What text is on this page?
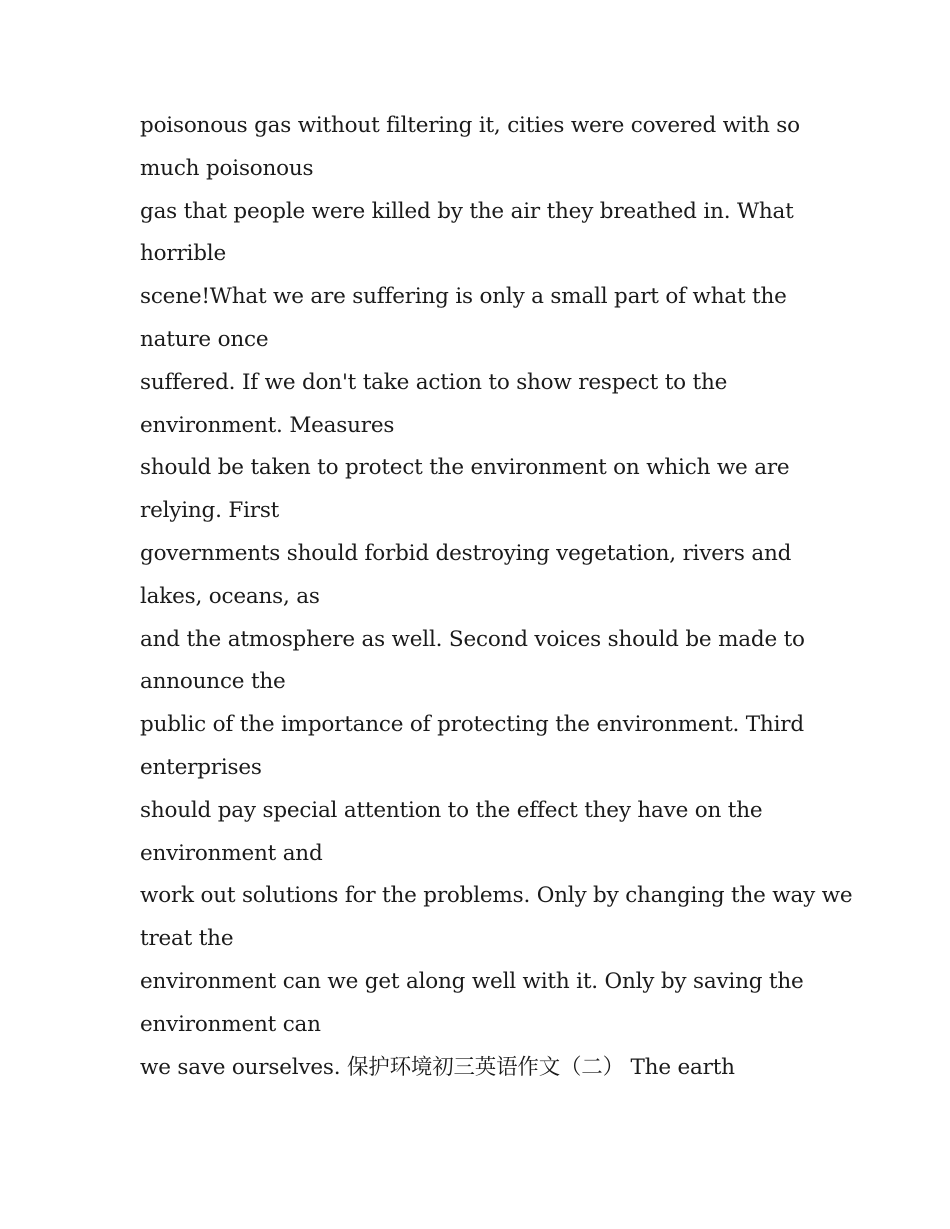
poisonous gas without filtering it, cities were covered with so
much poisonous
gas that people were killed by the air they breathed in. What
horrible
scene!What we are suffering is only a small part of what the
nature once
suffered. If we don't take action to show respect to the
environment. Measures
should be taken to protect the environment on which we are
relying. First
governments should forbid destroying vegetation, rivers and
lakes, oceans, as
and the atmosphere as well. Second voices should be made to
announce the
public of the importance of protecting the environment. Third
enterprises
should pay special attention to the effect they have on the
environment and
work out solutions for the problems. Only by changing the way we
treat the
environment can we get along well with it. Only by saving the
environment can
we save ourselves. 保护环境初三英语作文（二） The earth
